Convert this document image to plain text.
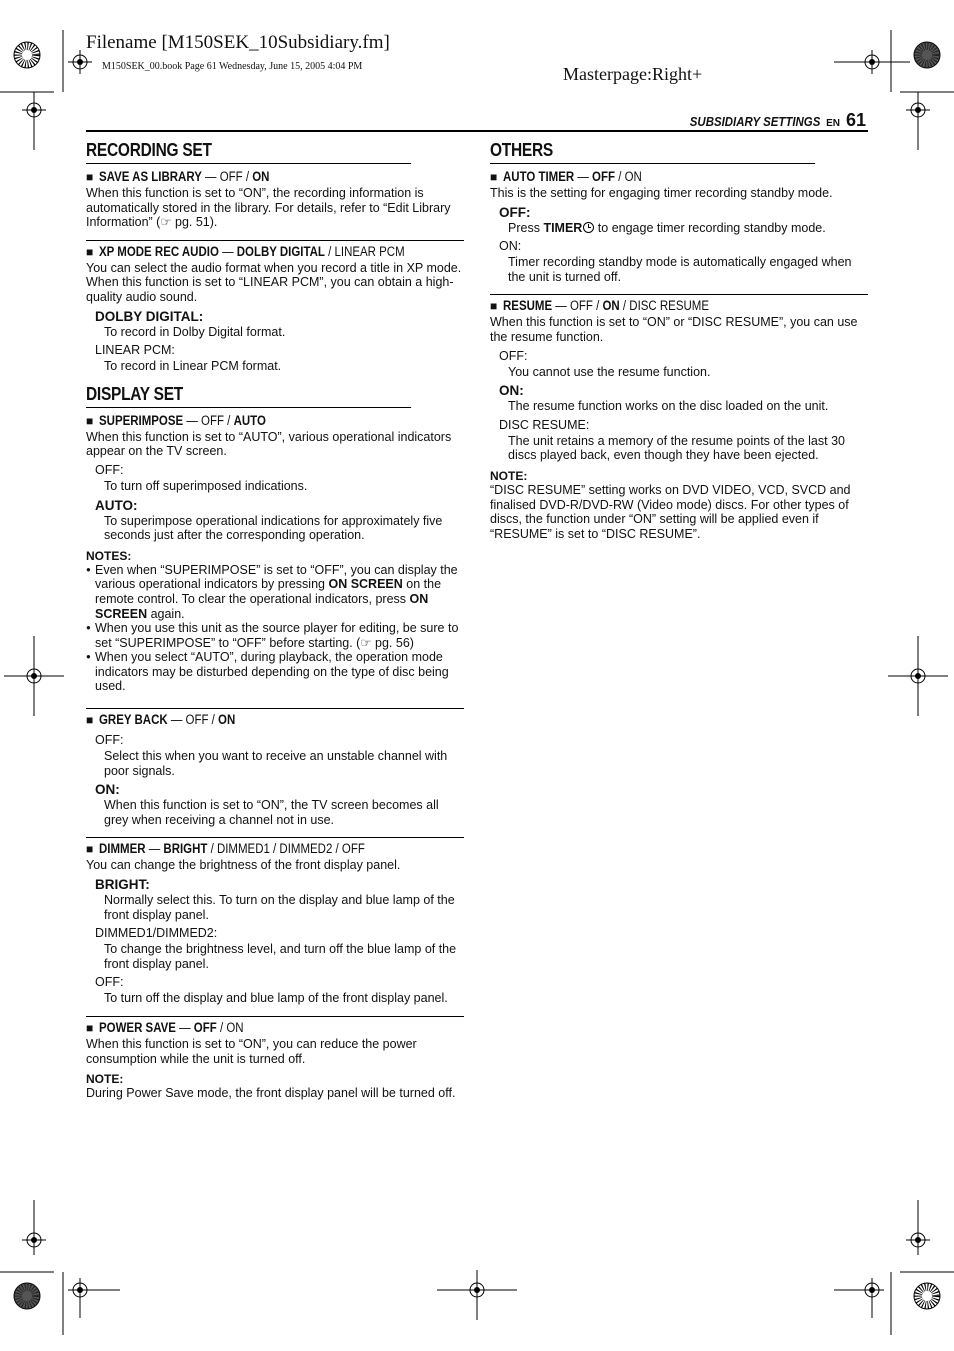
Filename [M150SEK_10Subsidiary.fm]
M150SEK_00.book Page 61 Wednesday, June 15, 2005 4:04 PM	Masterpage:Right+
SUBSIDIARY SETTINGS EN 61
RECORDING SET
■ SAVE AS LIBRARY — OFF / ON

When this function is set to “ON”, the recording information is automatically stored in the library. For details, refer to “Edit Library Information” (☞ pg. 51).

■ XP MODE REC AUDIO — DOLBY DIGITAL / LINEAR PCM

You can select the audio format when you record a title in XP mode. When this function is set to “LINEAR PCM”, you can obtain a high-quality audio sound.

DOLBY DIGITAL:
To record in Dolby Digital format.
LINEAR PCM:
To record in Linear PCM format.
DISPLAY SET
■ SUPERIMPOSE — OFF / AUTO

When this function is set to “AUTO”, various operational indicators appear on the TV screen.

OFF:
To turn off superimposed indications.
AUTO:
To superimpose operational indications for approximately five seconds just after the corresponding operation.
NOTES:
● Even when “SUPERIMPOSE” is set to “OFF”, you can display the various operational indicators by pressing ON SCREEN on the remote control. To clear the operational indicators, press ON SCREEN again.
● When you use this unit as the source player for editing, be sure to set “SUPERIMPOSE” to “OFF” before starting. (☞ pg. 56)
● When you select “AUTO”, during playback, the operation mode indicators may be disturbed depending on the type of disc being used.
■ GREY BACK — OFF / ON
OFF:
Select this when you want to receive an unstable channel with poor signals.
ON:
When this function is set to “ON”, the TV screen becomes all grey when receiving a channel not in use.
■ DIMMER — BRIGHT / DIMMED1 / DIMMED2 / OFF

You can change the brightness of the front display panel.

BRIGHT:
Normally select this. To turn on the display and blue lamp of the front display panel.
DIMMED1/DIMMED2:
To change the brightness level, and turn off the blue lamp of the front display panel.
OFF:
To turn off the display and blue lamp of the front display panel.
■ POWER SAVE — OFF / ON

When this function is set to “ON”, you can reduce the power consumption while the unit is turned off.

NOTE:

During Power Save mode, the front display panel will be turned off.

OTHERS
■ AUTO TIMER — OFF / ON

This is the setting for engaging timer recording standby mode.

OFF:
Press TIMER
to engage timer recording standby mode.
ON:
Timer recording standby mode is automatically engaged when the unit is turned off.
■ RESUME — OFF / ON / DISC RESUME

When this function is set to “ON” or “DISC RESUME”, you can use the resume function.

OFF:
You cannot use the resume function.
ON:
The resume function works on the disc loaded on the unit.
DISC RESUME:
The unit retains a memory of the resume points of the last 30 discs played back, even though they have been ejected.
NOTE:

“DISC RESUME” setting works on DVD VIDEO, VCD, SVCD and finalised DVD-R/DVD-RW (Video mode) discs. For other types of discs, the function under “ON” setting will be applied even if “RESUME” is set to “DISC RESUME”.
